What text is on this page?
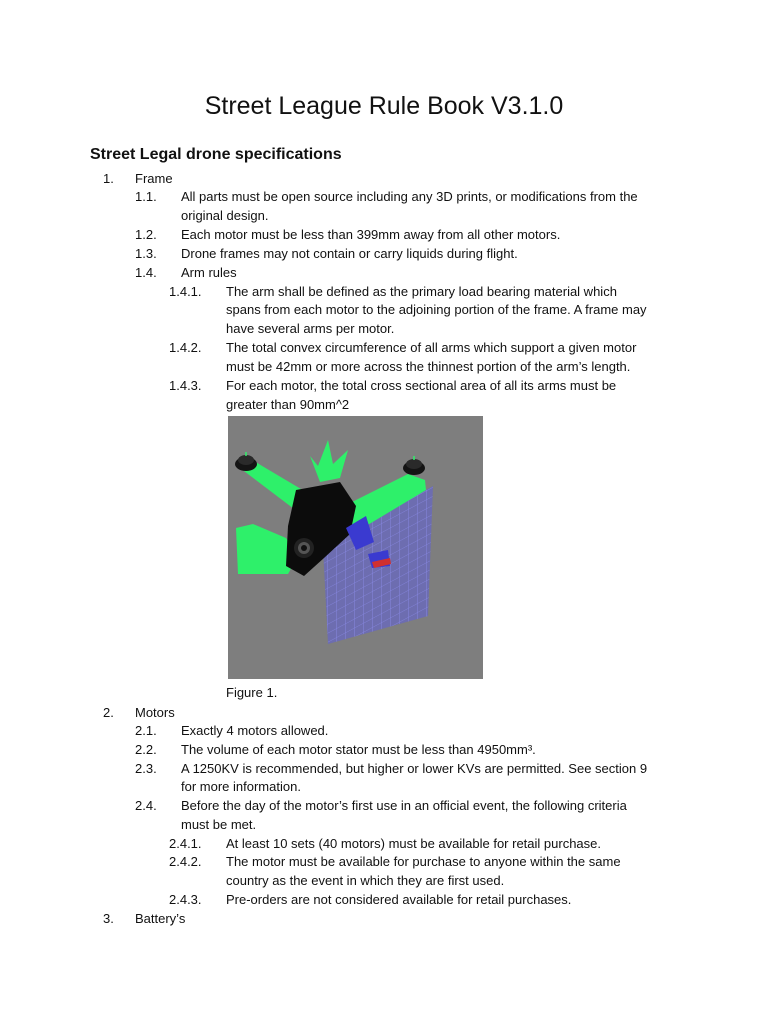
Street League Rule Book V3.1.0
Street Legal drone specifications
1. Frame
1.1. All parts must be open source including any 3D prints, or modifications from the
original design.
1.2. Each motor must be less than 399mm away from all other motors.
1.3. Drone frames may not contain or carry liquids during flight.
1.4. Arm rules
1.4.1. The arm shall be defined as the primary load bearing material which
spans from each motor to the adjoining portion of the frame. A frame may
have several arms per motor.
1.4.2. The total convex circumference of all arms which support a given motor
must be 42mm or more across the thinnest portion of the arm’s length.
1.4.3. For each motor, the total cross sectional area of all its arms must be
greater than 90mm^2
Figure 1.
2. Motors
2.1. Exactly 4 motors allowed.
2.2. The volume of each motor stator must be less than 4950mm³.
2.3. A 1250KV is recommended, but higher or lower KVs are permitted. See section 9
for more information.
2.4. Before the day of the motor’s first use in an official event, the following criteria
must be met.
2.4.1. At least 10 sets (40 motors) must be available for retail purchase.
2.4.2. The motor must be available for purchase to anyone within the same
country as the event in which they are first used.
2.4.3. Pre-orders are not considered available for retail purchases.
3. Battery’s
